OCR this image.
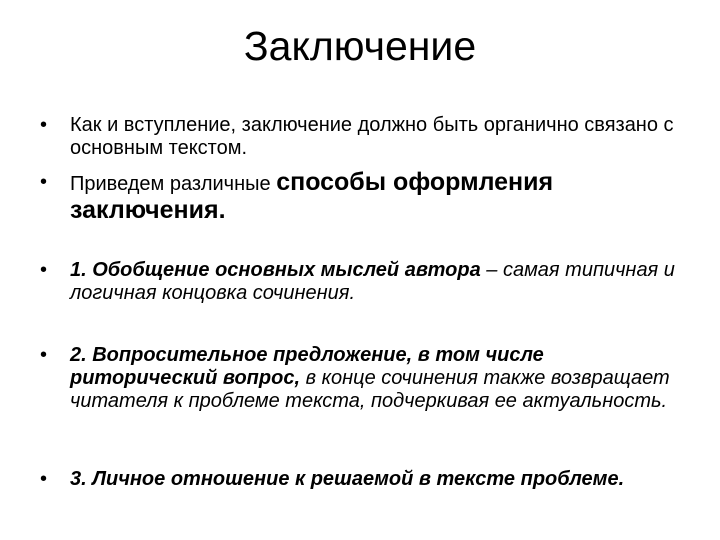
Заключение
• Как и вступление, заключение должно быть органично связано с основным текстом.
• Приведем различные способы оформления
заключения.
• 1. Обобщение основных мыслей автора – самая типичная и логичная концовка сочинения.
• 2. Вопросительное предложение, в том числе риторический вопрос, в конце сочинения также возвращает читателя к проблеме текста, подчеркивая ее актуальность.
• 3. Личное отношение к решаемой в тексте проблеме.
